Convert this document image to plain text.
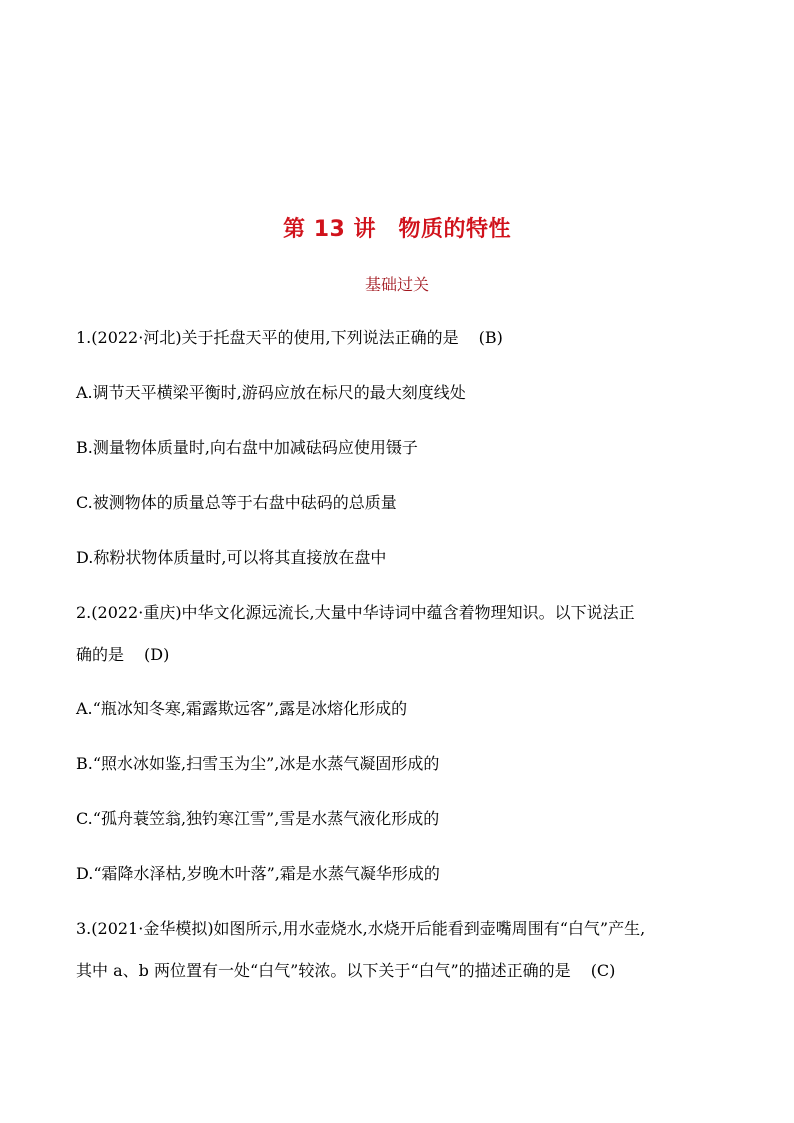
第 13 讲　物质的特性
基础过关
1.(2022·河北)关于托盘天平的使用,下列说法正确的是 (B)
A.调节天平横梁平衡时,游码应放在标尺的最大刻度线处
B.测量物体质量时,向右盘中加减砝码应使用镊子
C.被测物体的质量总等于右盘中砝码的总质量
D.称粉状物体质量时,可以将其直接放在盘中
2.(2022·重庆)中华文化源远流长,大量中华诗词中蕴含着物理知识。以下说法正
确的是 (D)
A.“瓶冰知冬寒,霜露欺远客”,露是冰熔化形成的
B.“照水冰如鉴,扫雪玉为尘”,冰是水蒸气凝固形成的
C.“孤舟蓑笠翁,独钓寒江雪”,雪是水蒸气液化形成的
D.“霜降水泽枯,岁晚木叶落”,霜是水蒸气凝华形成的
3.(2021·金华模拟)如图所示,用水壶烧水,水烧开后能看到壶嘴周围有“白气”产生,
其中 a、b 两位置有一处“白气”较浓。以下关于“白气”的描述正确的是 (C)
